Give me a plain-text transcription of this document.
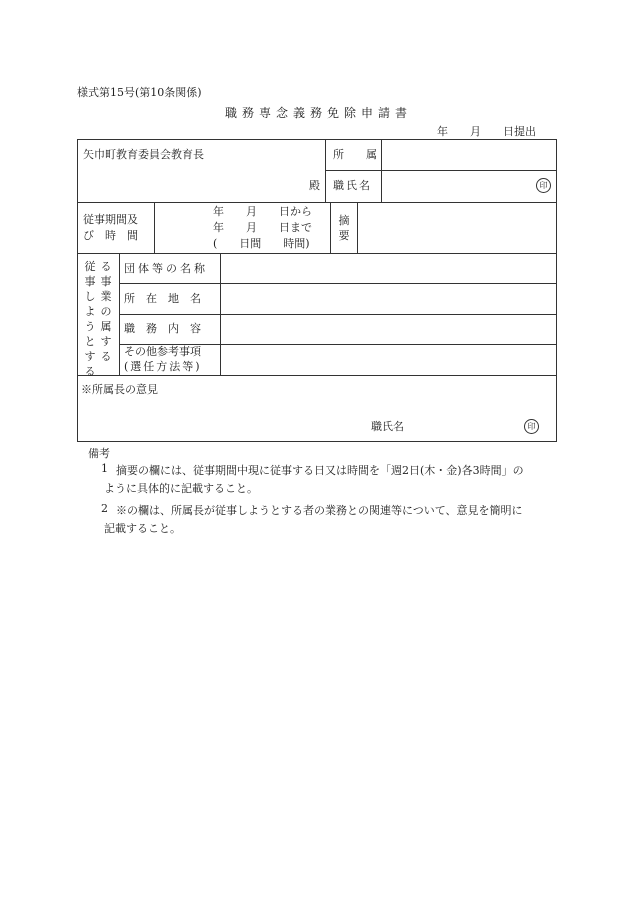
様式第15号(第10条関係)
職務専念義務免除申請書
年　　月　　日提出
矢巾町教育委員会教育長
殿
所　　属
職氏名	印
従事期間及
び　時　間
年　　月　　日から
年　　月　　日まで
(　　日間　　時間)
摘
要
従
事
し
よ
う
と
す
る
る
事
業
の
属
す
る
団体等の名称
所　在　地　名
職　務　内　容
その他参考事項
(選任方法等)
※所属長の意見
職氏名	印
備考
1 摘要の欄には、従事期間中現に従事する日又は時間を「週2日(木・金)各3時間」の
ように具体的に記載すること。
2 ※の欄は、所属長が従事しようとする者の業務との関連等について、意見を簡明に
記載すること。
